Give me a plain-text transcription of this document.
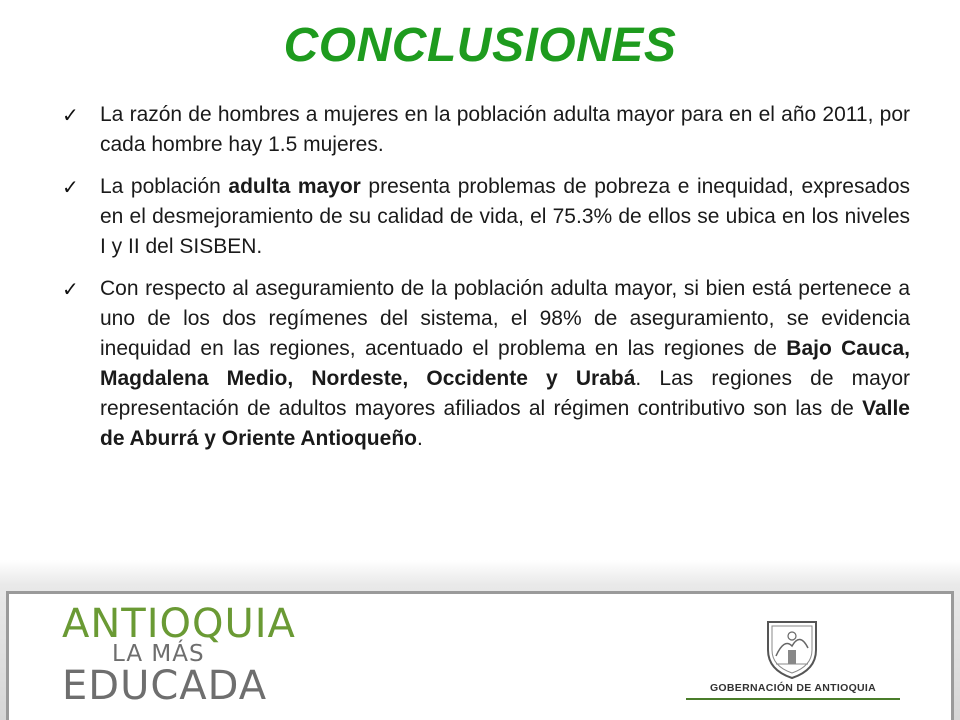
CONCLUSIONES
✓ La razón de hombres a mujeres en la población adulta mayor para en el año 2011, por cada hombre hay 1.5 mujeres.
✓ La población adulta mayor presenta problemas de pobreza e inequidad, expresados en el desmejoramiento de su calidad de vida, el 75.3% de ellos se ubica en los niveles I y II del SISBEN.
✓ Con respecto al aseguramiento de la población adulta mayor, si bien está pertenece a uno de los dos regímenes del sistema, el 98% de aseguramiento, se evidencia inequidad en las regiones, acentuado el problema en las regiones de Bajo Cauca, Magdalena Medio, Nordeste, Occidente y Urabá. Las regiones de mayor representación de adultos mayores afiliados al régimen contributivo son las de Valle de Aburrá y Oriente Antioqueño.
ANTIOQUIA
LA MÁS
EDUCADA	GOBERNACIÓN DE ANTIOQUIA
